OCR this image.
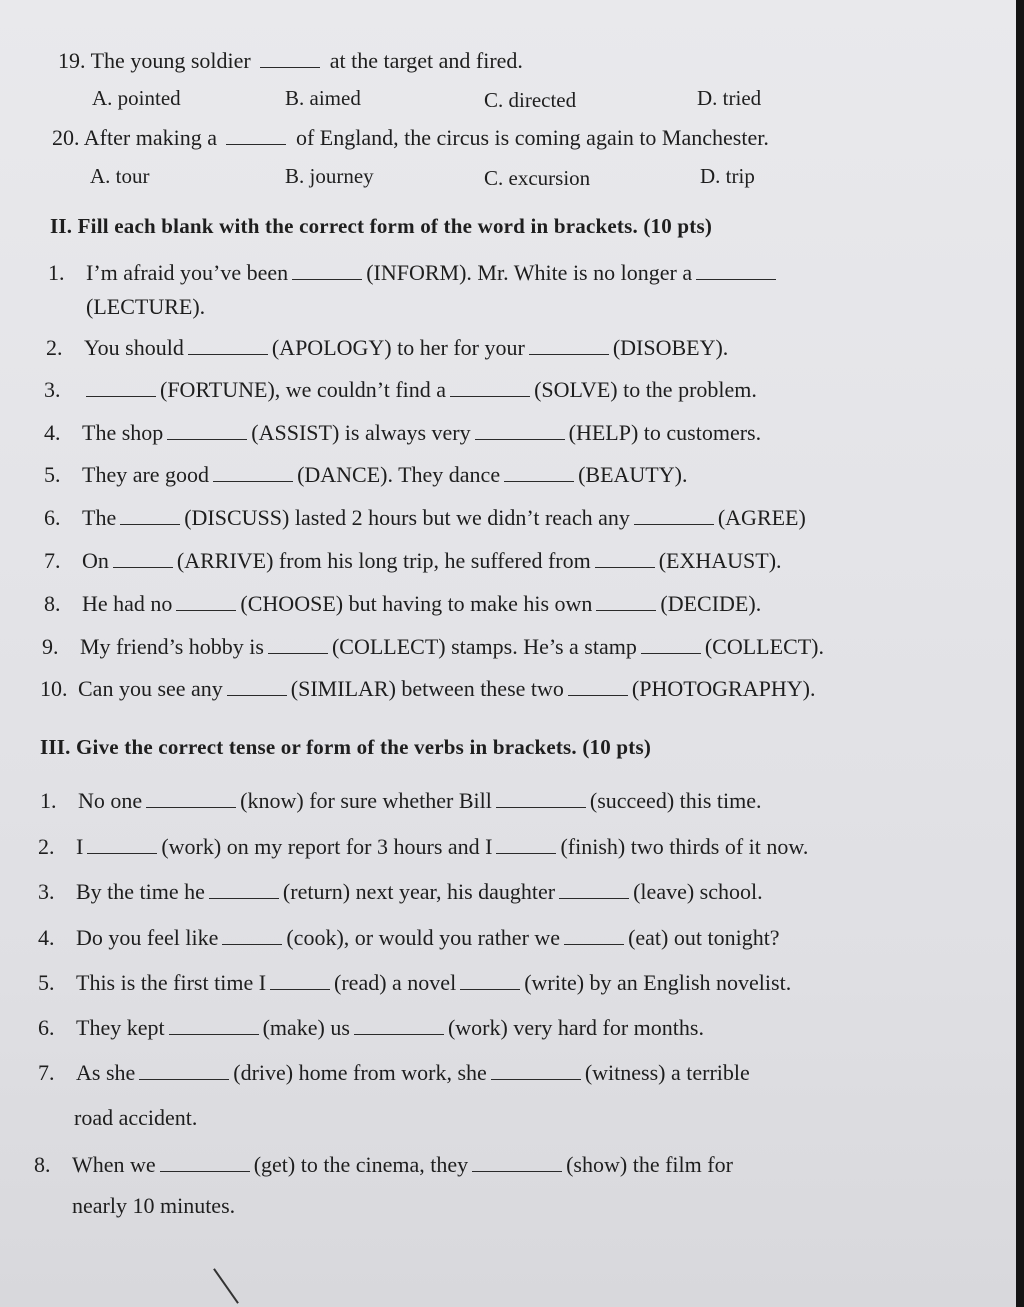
19. The young soldier	at the target and fired.
A. pointed	B. aimed	C. directed	D. tried
20. After making a	of England, the circus is coming again to Manchester.
A. tour	B. journey	C. excursion	D. trip
II. Fill each blank with the correct form of the word in brackets. (10 pts)
1. I’m afraid you’ve been	(INFORM). Mr. White is no longer a
(LECTURE).
2. You should	(APOLOGY) to her for your	(DISOBEY).
3.	(FORTUNE), we couldn’t find a	(SOLVE) to the problem.
4. The shop	(ASSIST) is always very	(HELP) to customers.
5. They are good	(DANCE). They dance	(BEAUTY).
6. The	(DISCUSS) lasted 2 hours but we didn’t reach any	(AGREE)
7. On	(ARRIVE) from his long trip, he suffered from	(EXHAUST).
8. He had no	(CHOOSE) but having to make his own	(DECIDE).
9. My friend’s hobby is	(COLLECT) stamps. He’s a stamp	(COLLECT).
10. Can you see any	(SIMILAR) between these two	(PHOTOGRAPHY).
III. Give the correct tense or form of the verbs in brackets. (10 pts)
1. No one	(know) for sure whether Bill	(succeed) this time.
2. I	(work) on my report for 3 hours and I	(finish) two thirds of it now.
3. By the time he	(return) next year, his daughter	(leave) school.
4. Do you feel like	(cook), or would you rather we	(eat) out tonight?
5. This is the first time I	(read) a novel	(write) by an English novelist.
6. They kept	(make) us	(work) very hard for months.
7. As she	(drive) home from work, she	(witness) a terrible
road accident.
8. When we	(get) to the cinema, they	(show) the film for
nearly 10 minutes.
